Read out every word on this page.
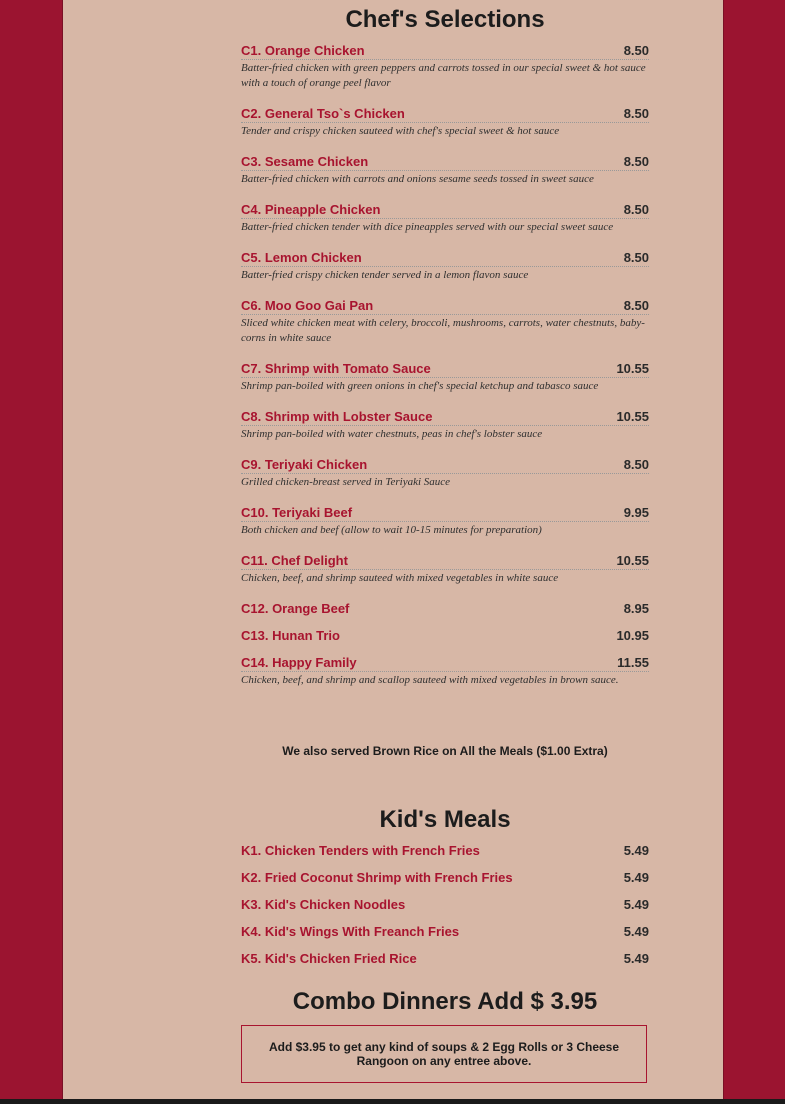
Chef's Selections
C1. Orange Chicken	8.50
Batter-fried chicken with green peppers and carrots tossed in our special sweet & hot sauce with a touch of orange peel flavor
C2. General Tso`s Chicken	8.50
Tender and crispy chicken sauteed with chef's special sweet & hot sauce
C3. Sesame Chicken	8.50
Batter-fried chicken with carrots and onions sesame seeds tossed in sweet sauce
C4. Pineapple Chicken	8.50
Batter-fried chicken tender with dice pineapples served with our special sweet sauce
C5. Lemon Chicken	8.50
Batter-fried crispy chicken tender served in a lemon flavon sauce
C6. Moo Goo Gai Pan	8.50
Sliced white chicken meat with celery, broccoli, mushrooms, carrots, water chestnuts, baby-corns in white sauce
C7. Shrimp with Tomato Sauce	10.55
Shrimp pan-boiled with green onions in chef's special ketchup and tabasco sauce
C8. Shrimp with Lobster Sauce	10.55
Shrimp pan-boiled with water chestnuts, peas in chef's lobster sauce
C9. Teriyaki Chicken	8.50
Grilled chicken-breast served in Teriyaki Sauce
C10. Teriyaki Beef	9.95
Both chicken and beef (allow to wait 10-15 minutes for preparation)
C11. Chef Delight	10.55
Chicken, beef, and shrimp sauteed with mixed vegetables in white sauce
C12. Orange Beef	8.95
C13. Hunan Trio	10.95
C14. Happy Family	11.55
Chicken, beef, and shrimp and scallop sauteed with mixed vegetables in brown sauce.
We also served Brown Rice on All the Meals ($1.00 Extra)
Kid's Meals
K1. Chicken Tenders with French Fries	5.49
K2. Fried Coconut Shrimp with French Fries	5.49
K3. Kid's Chicken Noodles	5.49
K4. Kid's Wings With Freanch Fries	5.49
K5. Kid's Chicken Fried Rice	5.49
Combo Dinners Add $ 3.95
Add $3.95 to get any kind of soups & 2 Egg Rolls or 3 Cheese Rangoon on any entree above.
